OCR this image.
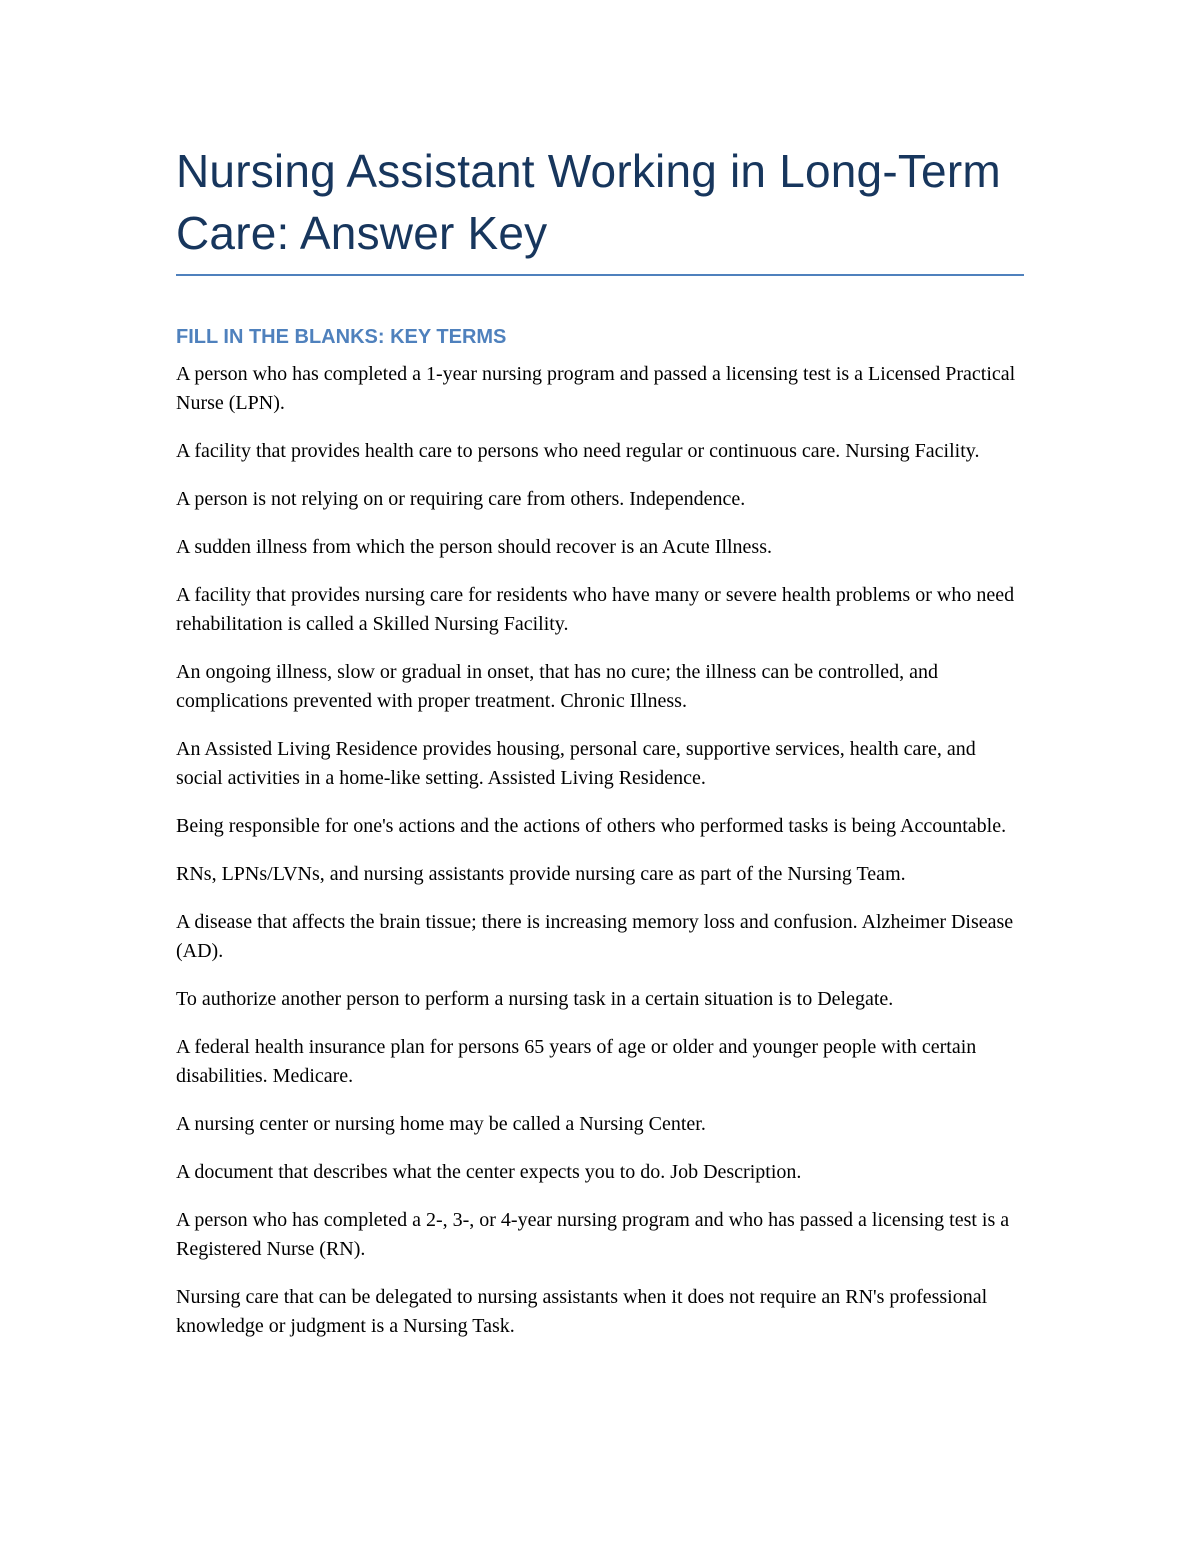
Nursing Assistant Working in Long-Term Care: Answer Key
FILL IN THE BLANKS: KEY TERMS

A person who has completed a 1-year nursing program and passed a licensing test is a Licensed Practical Nurse (LPN).

A facility that provides health care to persons who need regular or continuous care. Nursing Facility.

A person is not relying on or requiring care from others. Independence.

A sudden illness from which the person should recover is an Acute Illness.

A facility that provides nursing care for residents who have many or severe health problems or who need rehabilitation is called a Skilled Nursing Facility.

An ongoing illness, slow or gradual in onset, that has no cure; the illness can be controlled, and complications prevented with proper treatment. Chronic Illness.

An Assisted Living Residence provides housing, personal care, supportive services, health care, and social activities in a home-like setting. Assisted Living Residence.

Being responsible for one's actions and the actions of others who performed tasks is being Accountable.

RNs, LPNs/LVNs, and nursing assistants provide nursing care as part of the Nursing Team.

A disease that affects the brain tissue; there is increasing memory loss and confusion. Alzheimer Disease (AD).

To authorize another person to perform a nursing task in a certain situation is to Delegate.

A federal health insurance plan for persons 65 years of age or older and younger people with certain disabilities. Medicare.

A nursing center or nursing home may be called a Nursing Center.

A document that describes what the center expects you to do. Job Description.

A person who has completed a 2-, 3-, or 4-year nursing program and who has passed a licensing test is a Registered Nurse (RN).

Nursing care that can be delegated to nursing assistants when it does not require an RN's professional knowledge or judgment is a Nursing Task.
